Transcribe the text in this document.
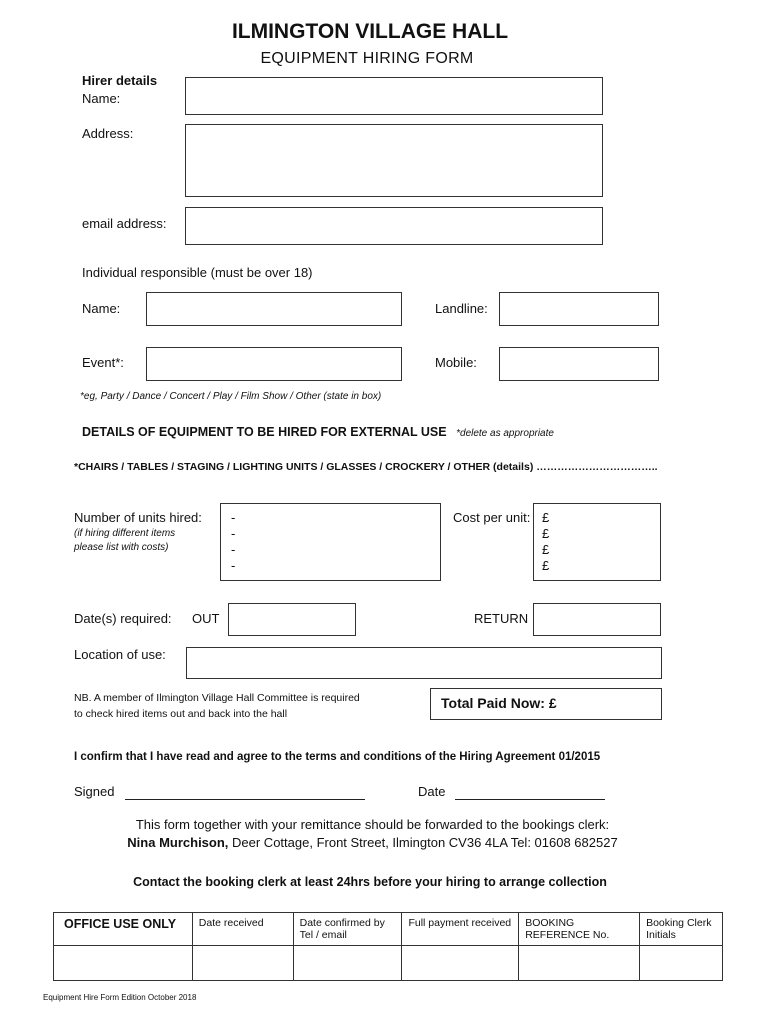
ILMINGTON VILLAGE HALL
EQUIPMENT HIRING FORM
Hirer details
Name:
Address:
email address:
Individual responsible (must be over 18)
Name:	Landline:
Event*:	Mobile:
*eg, Party / Dance / Concert / Play / Film Show / Other (state in box)
DETAILS OF EQUIPMENT TO BE HIRED FOR EXTERNAL USE *delete as appropriate
*CHAIRS / TABLES / STAGING / LIGHTING UNITS / GLASSES / CROCKERY / OTHER (details) ……………………………..
Number of units hired:
(if hiring different items
please list with costs)
-
-
-
-
Cost per unit: £
£
£
£
Date(s) required: OUT	RETURN
Location of use:
NB. A member of Ilmington Village Hall Committee is required
to check hired items out and back into the hall
Total Paid Now: £
I confirm that I have read and agree to the terms and conditions of the Hiring Agreement 01/2015
Signed	Date
This form together with your remittance should be forwarded to the bookings clerk:
Nina Murchison, Deer Cottage, Front Street, Ilmington CV36 4LA Tel: 01608 682527
Contact the booking clerk at least 24hrs before your hiring to arrange collection
OFFICE USE ONLY	Date received	Date confirmed by Tel / email	Full payment received	BOOKING REFERENCE No.	Booking Clerk Initials

Equipment Hire Form Edition October 2018
